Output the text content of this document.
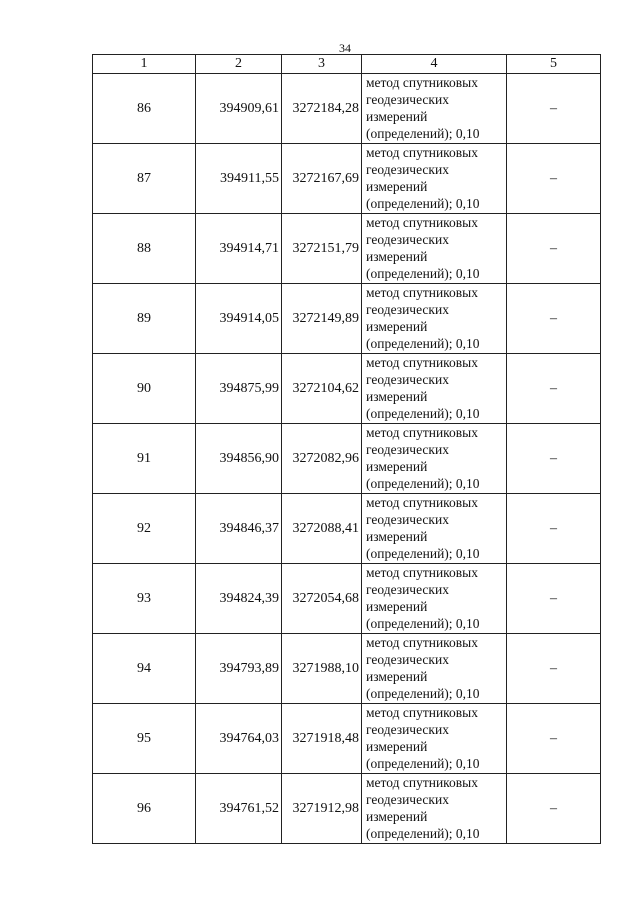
34
1	2	3	4	5
86	394909,61	3272184,28	метод спутниковых
геодезических
измерений
(определений); 0,10	–
87	394911,55	3272167,69	метод спутниковых
геодезических
измерений
(определений); 0,10	–
88	394914,71	3272151,79	метод спутниковых
геодезических
измерений
(определений); 0,10	–
89	394914,05	3272149,89	метод спутниковых
геодезических
измерений
(определений); 0,10	–
90	394875,99	3272104,62	метод спутниковых
геодезических
измерений
(определений); 0,10	–
91	394856,90	3272082,96	метод спутниковых
геодезических
измерений
(определений); 0,10	–
92	394846,37	3272088,41	метод спутниковых
геодезических
измерений
(определений); 0,10	–
93	394824,39	3272054,68	метод спутниковых
геодезических
измерений
(определений); 0,10	–
94	394793,89	3271988,10	метод спутниковых
геодезических
измерений
(определений); 0,10	–
95	394764,03	3271918,48	метод спутниковых
геодезических
измерений
(определений); 0,10	–
96	394761,52	3271912,98	метод спутниковых
геодезических
измерений
(определений); 0,10	–
